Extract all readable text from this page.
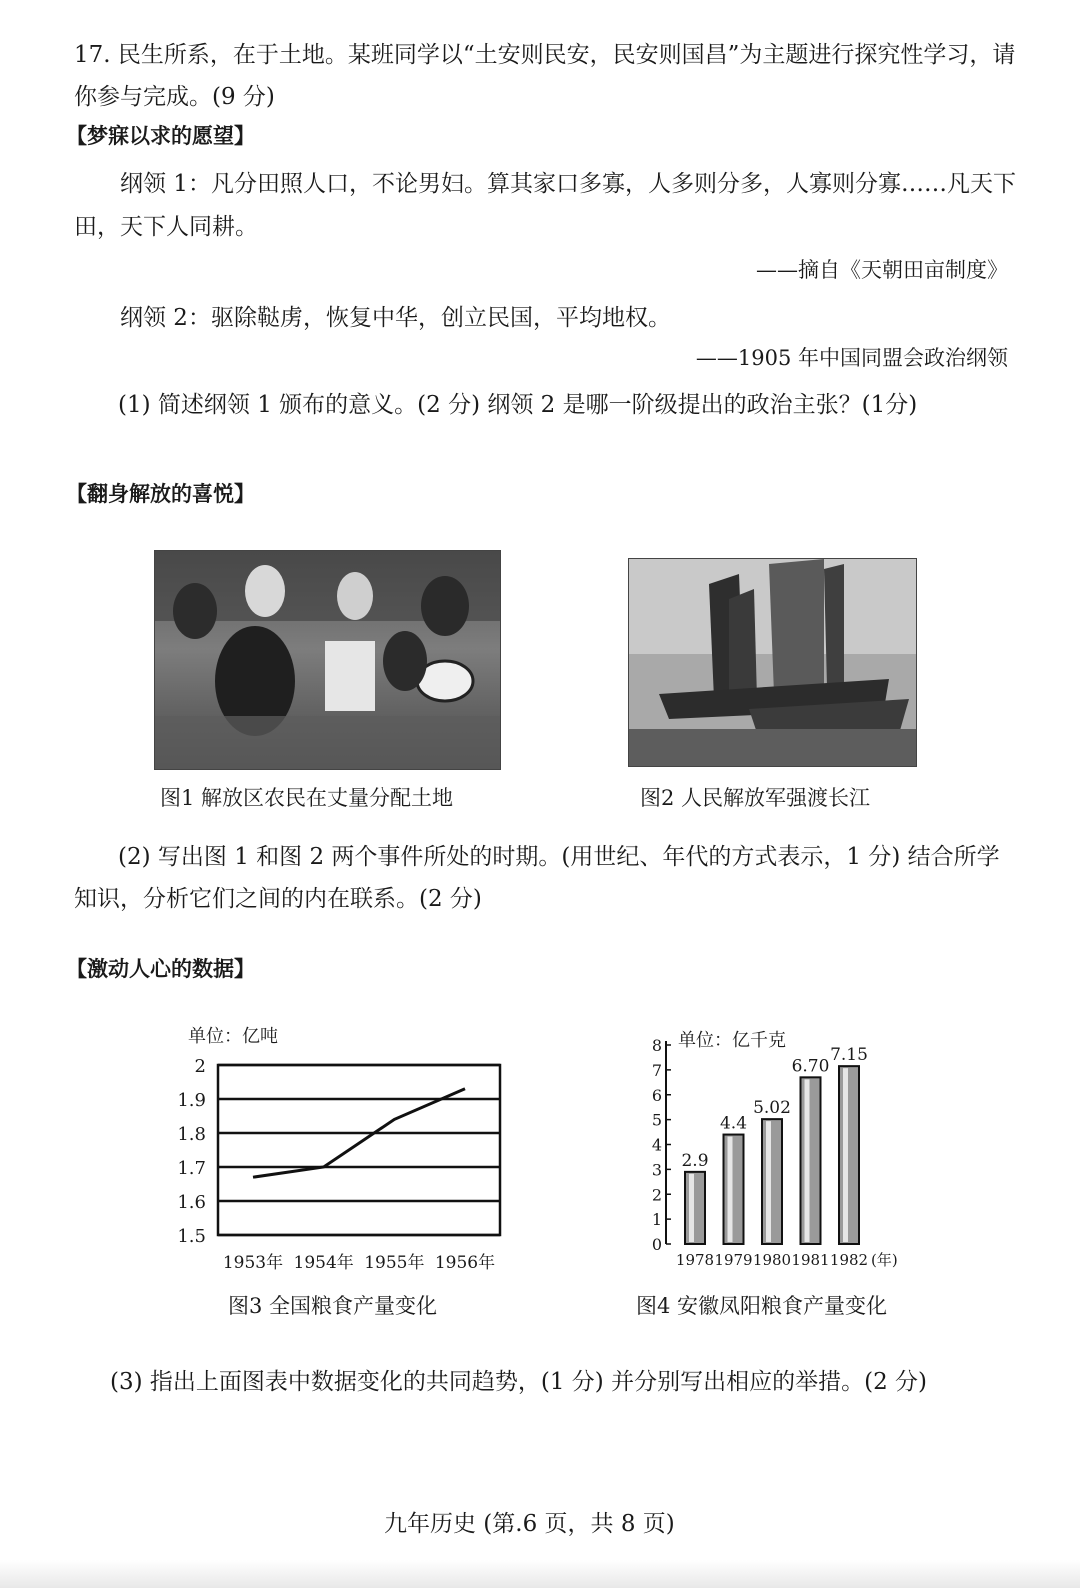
17. 民生所系，在于土地。某班同学以“土安则民安，民安则国昌”为主题进行探究性学习，请
你参与完成。(9 分)
【梦寐以求的愿望】
纲领 1：凡分田照人口，不论男妇。算其家口多寡，人多则分多，人寡则分寡……凡天下
田，天下人同耕。
——摘自《天朝田亩制度》
纲领 2：驱除鞑虏，恢复中华，创立民国，平均地权。
——1905 年中国同盟会政治纲领
(1) 简述纲领 1 颁布的意义。(2 分) 纲领 2 是哪一阶级提出的政治主张？(1分)
【翻身解放的喜悦】
图1 解放区农民在丈量分配土地	图2 人民解放军强渡长江
(2) 写出图 1 和图 2 两个事件所处的时期。(用世纪、年代的方式表示，1 分) 结合所学
知识，分析它们之间的内在联系。(2 分)
【激动人心的数据】
单位：亿吨
1.5
1.6
1.7
1.8
1.9
2
1953年 1954年 1955年 1956年
单位：亿千克
0
1
2
3
4
5
6
7
8
2.9
4.4
5.02
6.70
7.15
1978 1979 1980 1981 1982 (年)
图3 全国粮食产量变化	图4 安徽凤阳粮食产量变化
(3) 指出上面图表中数据变化的共同趋势，(1 分) 并分别写出相应的举措。(2 分)
九年历史 (第.6 页，共 8 页)
